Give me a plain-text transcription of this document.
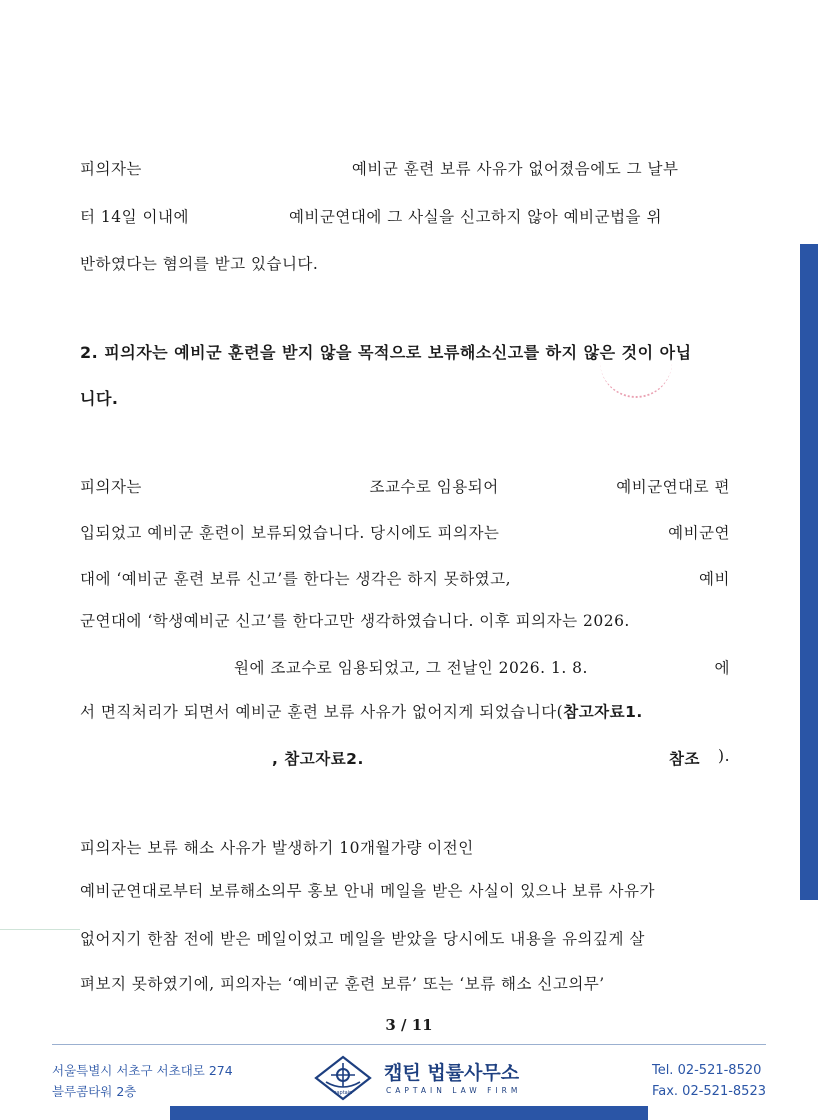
피의자는	예비군 훈련 보류 사유가 없어졌음에도 그 날부
터 14일 이내에	예비군연대에 그 사실을 신고하지 않아 예비군법을 위
반하였다는 혐의를 받고 있습니다.
2. 피의자는 예비군 훈련을 받지 않을 목적으로 보류해소신고를 하지 않은 것이 아닙
니다.
피의자는	조교수로 임용되어	예비군연대로 편
입되었고 예비군 훈련이 보류되었습니다. 당시에도 피의자는	예비군연
대에 ‘예비군 훈련 보류 신고’를 한다는 생각은 하지 못하였고,	예비
군연대에 ‘학생예비군 신고’를 한다고만 생각하였습니다. 이후 피의자는 2026.
원에 조교수로 임용되었고, 그 전날인 2026. 1. 8.	에
서 면직처리가 되면서 예비군 훈련 보류 사유가 없어지게 되었습니다(참고자료1.
, 참고자료2.	참조 ).
피의자는 보류 해소 사유가 발생하기 10개월가량 이전인
예비군연대로부터 보류해소의무 홍보 안내 메일을 받은 사실이 있으나 보류 사유가
없어지기 한참 전에 받은 메일이었고 메일을 받았을 당시에도 내용을 유의깊게 살
펴보지 못하였기에, 피의자는 ‘예비군 훈련 보류’ 또는 ‘보류 해소 신고의무’
3 / 11
서울특별시 서초구 서초대로 274
블루콤타워 2층	captain
캡틴 법률사무소
CAPTAIN LAW FIRM
Tel. 02-521-8520
Fax. 02-521-8523
